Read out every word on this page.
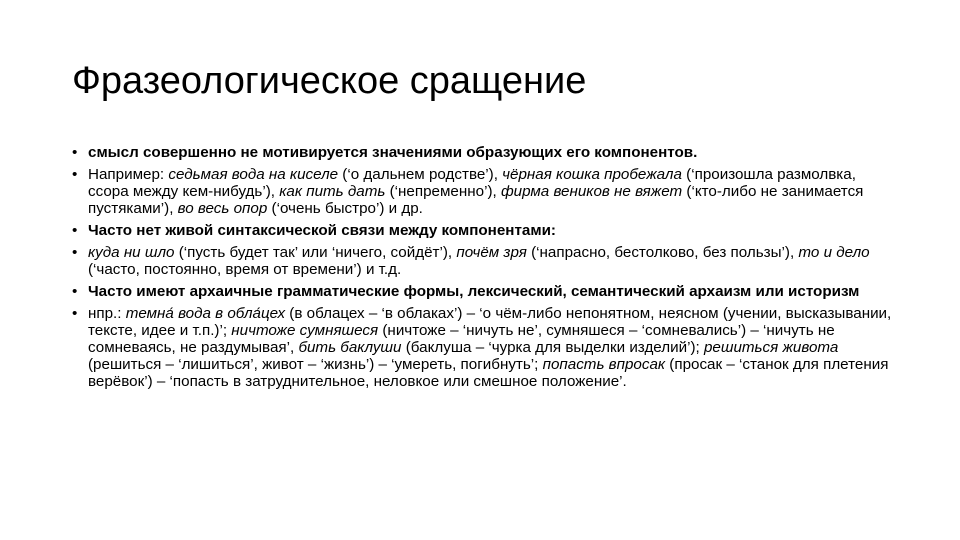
Фразеологическое сращение
• смысл совершенно не мотивируется значениями образующих его компонентов.
• Например: седьмая вода на киселе (‘о дальнем родстве’), чёрная кошка пробежала (‘произошла размолвка, ссора между кем-нибудь’), как пить дать (‘непременно’), фирма веников не вяжет (‘кто-либо не занимается пустяками’), во весь опор (‘очень быстро’) и др.
• Часто нет живой синтаксической связи между компонентами:
• куда ни шло (‘пусть будет так’ или ‘ничего, сойдёт’), почём зря (‘напрасно, бестолково, без пользы’), то и дело (‘часто, постоянно, время от времени’) и т.д.
• Часто имеют архаичные грамматические формы, лексический, семантический архаизм или историзм
• нпр.: темна́ вода в обла́цех (в облацех – ‘в облаках’) – ‘о чём-либо непонятном, неясном (учении, высказывании, тексте, идее и т.п.)’; ничтоже сумняшеся (ничтоже – ‘ничуть не’, сумняшеся – ‘сомневались’) – ‘ничуть не сомневаясь, не раздумывая’, бить баклуши (баклуша – ‘чурка для выделки изделий’); решиться живота (решиться – ‘лишиться’, живот – ‘жизнь’) – ‘умереть, погибнуть’; попасть впросак (просак – ‘станок для плетения верёвок’) – ‘попасть в затруднительное, неловкое или смешное положение’.
